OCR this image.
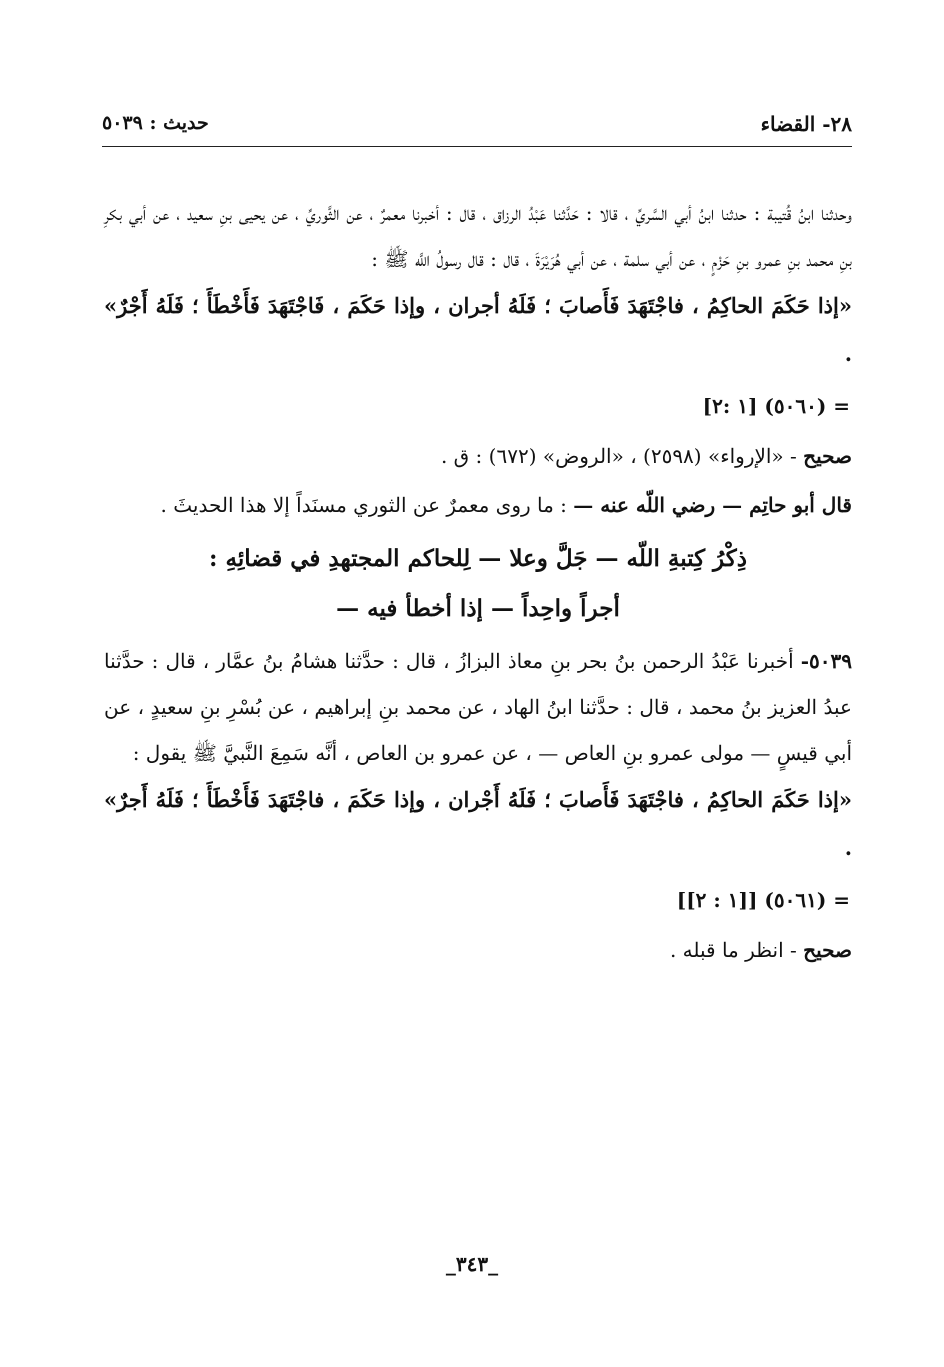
٢٨- القضاء
حديث : ٥٠٣٩

وحدثنا ابنُ قُتيبة : حدثنا ابنُ أبي السَّريِّ ، قالا : حَدَّثنا عَبْدُ الرزاق ، قال : أخبرنا معمرٌ ، عن الثَّوريِّ ، عن يحيى بنِ سعيد ، عن أبي بكرِ بنِ محمد بنِ عمرو بنِ حَزْمٍ ، عن أبي سلمة ، عن أبي هُرَيْرَةَ ، قال : قال رسولُ اللَّه ﷺ :

«إذا حَكَمَ الحاكِمُ ، فاجْتَهَدَ فَأَصابَ ؛ فَلَهُ أجران ، وإذا حَكَمَ ، فَاجْتَهَدَ فَأَخْطَأَ ؛ فَلَهُ أَجْرٌ» .

= (٥٠٦٠) [١ :٢]

صحيح - «الإرواء» (٢٥٩٨) ، «الروض» (٦٧٢) : ق .

قال أبو حاتِم — رضي اللّه عنه — : ما روى معمرٌ عن الثوري مسنَداً إلا هذا الحديثَ .

ذِكْرُ كِتبةِ اللّه — جَلَّ وعلا — لِلحاكم المجتهدِ في قضائِهِ :
أجراً واحِداً — إذا أخطأ فيه —

٥٠٣٩- أخبرنا عَبْدُ الرحمن بنُ بحر بنِ معاذ البزازُ ، قال : حدَّثنا هشامُ بنُ عمَّار ، قال : حدَّثنا عبدُ العزيز بنُ محمد ، قال : حدَّثنا ابنُ الهاد ، عن محمد بنِ إبراهيم ، عن بُسْرِ بنِ سعيدٍ ، عن أبي قيسٍ — مولى عمرو بنِ العاص — ، عن عمرو بن العاص ، أنَّه سَمِعَ النَّبيَّ ﷺ يقول :

«إذا حَكَمَ الحاكِمُ ، فاجْتَهَدَ فَأَصابَ ؛ فَلَهُ أَجْران ، وإذا حَكَمَ ، فاجْتَهَدَ فَأَخْطَأَ ؛ فَلَهُ أَجرٌ» .

= (٥٠٦١) [[١ : ٢]]

صحيح - انظر ما قبله .

_٣٤٣_
